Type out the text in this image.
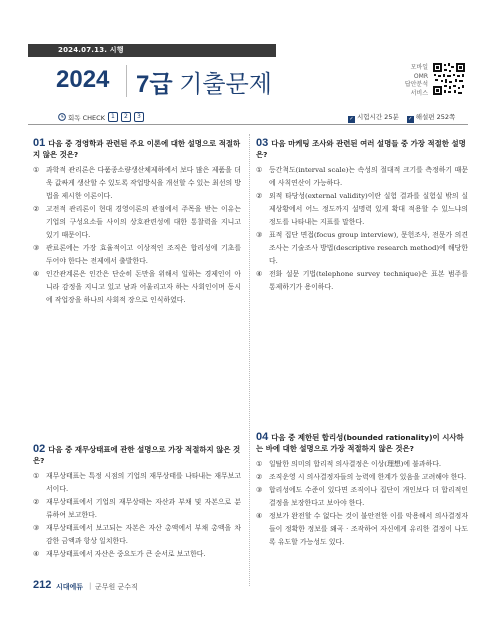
2024.07.13. 시행
2024 7급 기출문제
모바일
OMR
답안분석
서비스
회독 CHECK	1	2	3	✓ 시험시간 25분 ✓ 해설편 252쪽
01 다음 중 경영학과 관련된 주요 이론에 대한 설명으로 적절하지 않은 것은?
① 과학적 관리론은 다품종소량생산체제하에서 보다 많은 제품을 더욱 값싸게 생산할 수 있도록 작업방식을 개선할 수 있는 최선의 방법을 제시한 이론이다.
② 고전적 관리론이 현대 경영이론의 관점에서 주목을 받는 이유는 기업의 구성요소들 사이의 상호관련성에 대한 통찰력을 지니고 있기 때문이다.
③ 관료론에는 가장 효율적이고 이상적인 조직은 합리성에 기초를 두어야 한다는 전제에서 출발한다.
④ 인간관계론은 인간은 단순히 돈만을 위해서 일하는 경제인이 아니라 감정을 지니고 있고 남과 어울리고자 하는 사회인이며 동시에 작업장을 하나의 사회적 장으로 인식하였다.
02 다음 중 재무상태표에 관한 설명으로 가장 적절하지 않은 것은?
① 재무상태표는 특정 시점의 기업의 재무상태를 나타내는 재무보고서이다.
② 재무상태표에서 기업의 재무상태는 자산과 부채 및 자본으로 분류하여 보고한다.
③ 재무상태표에서 보고되는 자본은 자산 총액에서 부채 총액을 차감한 금액과 항상 일치한다.
④ 재무상태표에서 자산은 중요도가 큰 순서로 보고한다.
03 다음 마케팅 조사와 관련된 여러 설명들 중 가장 적절한 설명은?
① 등간척도(interval scale)는 속성의 절대적 크기를 측정하기 때문에 사칙연산이 가능하다.
② 외적 타당성(external validity)이란 실험 결과를 실험실 밖의 실제상황에서 어느 정도까지 설명력 있게 확대 적용할 수 있느냐의 정도를 나타내는 지표를 말한다.
③ 표적 집단 면접(focus group interview), 문헌조사, 전문가 의견조사는 기술조사 방법(descriptive research method)에 해당한다.
④ 전화 설문 기법(telephone survey technique)은 표본 범주를 통제하기가 용이하다.
04 다음 중 제한된 합리성(bounded rationality)이 시사하는 바에 대한 설명으로 가장 적절하지 않은 것은?
① 일탈한 의미의 합리적 의사결정은 이상(理想)에 불과하다.
② 조직운영 시 의사결정자들의 능력에 한계가 있음을 고려해야 한다.
③ 합리성에도 수준이 있다면 조직이나 집단이 개인보다 더 합리적인 결정을 보장한다고 보아야 한다.
④ 정보가 완전할 수 없다는 것이 불안전한 이를 악용해서 의사결정자들이 정확한 정보를 왜곡 · 조작하여 자신에게 유리한 결정이 나도록 유도할 가능성도 있다.
212 시대에듀 | 군무원 군수직
